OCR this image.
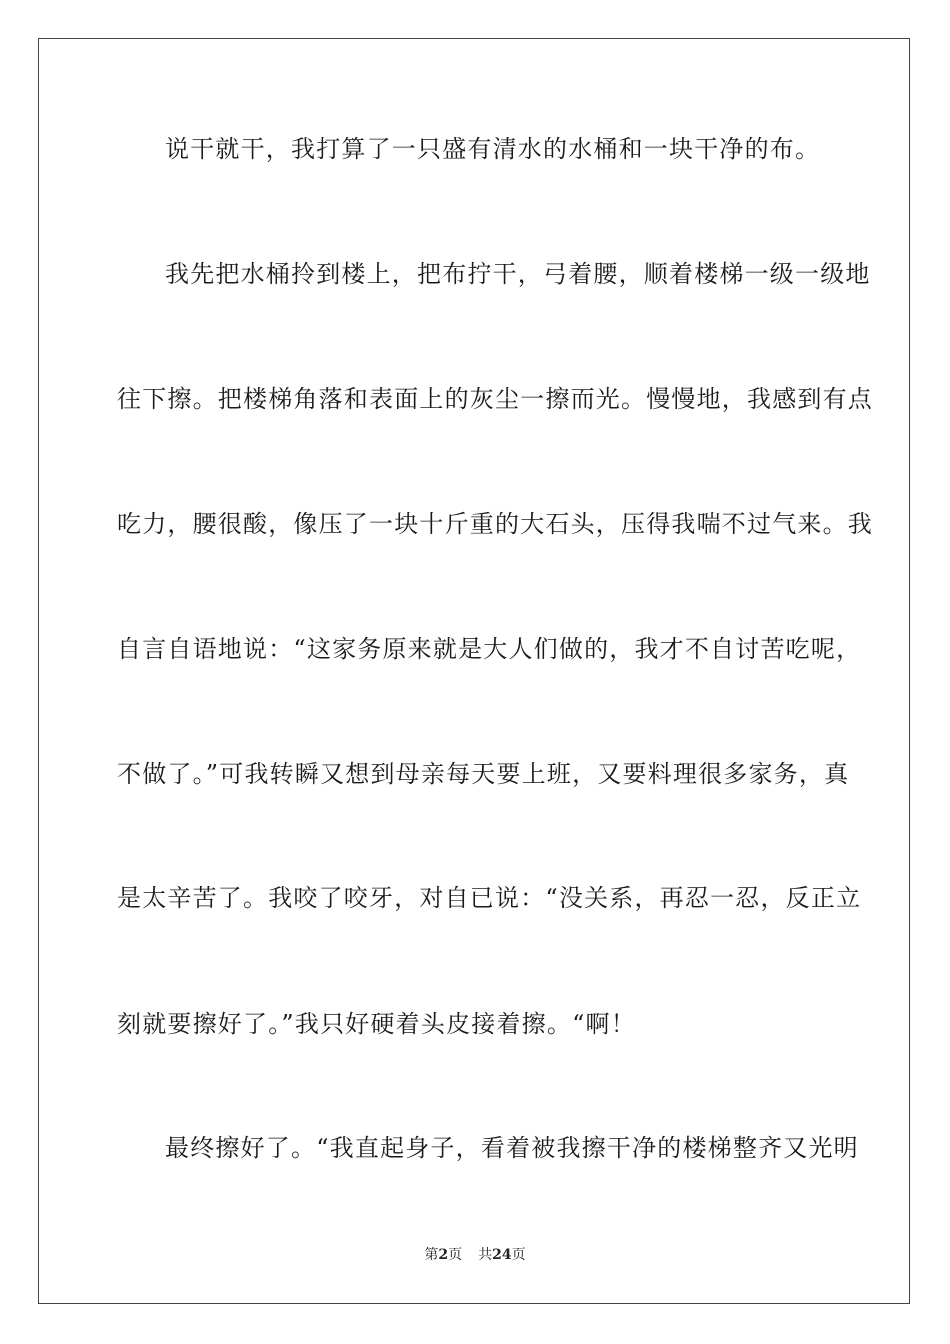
说干就干，我打算了一只盛有清水的水桶和一块干净的布。
我先把水桶拎到楼上，把布拧干，弓着腰，顺着楼梯一级一级地
往下擦。把楼梯角落和表面上的灰尘一擦而光。慢慢地，我感到有点
吃力，腰很酸，像压了一块十斤重的大石头，压得我喘不过气来。我
自言自语地说：“这家务原来就是大人们做的，我才不自讨苦吃呢，
不做了。”可我转瞬又想到母亲每天要上班，又要料理很多家务，真
是太辛苦了。我咬了咬牙，对自已说：“没关系，再忍一忍，反正立
刻就要擦好了。”我只好硬着头皮接着擦。“啊！
最终擦好了。“我直起身子，看着被我擦干净的楼梯整齐又光明
第2页 共24页
